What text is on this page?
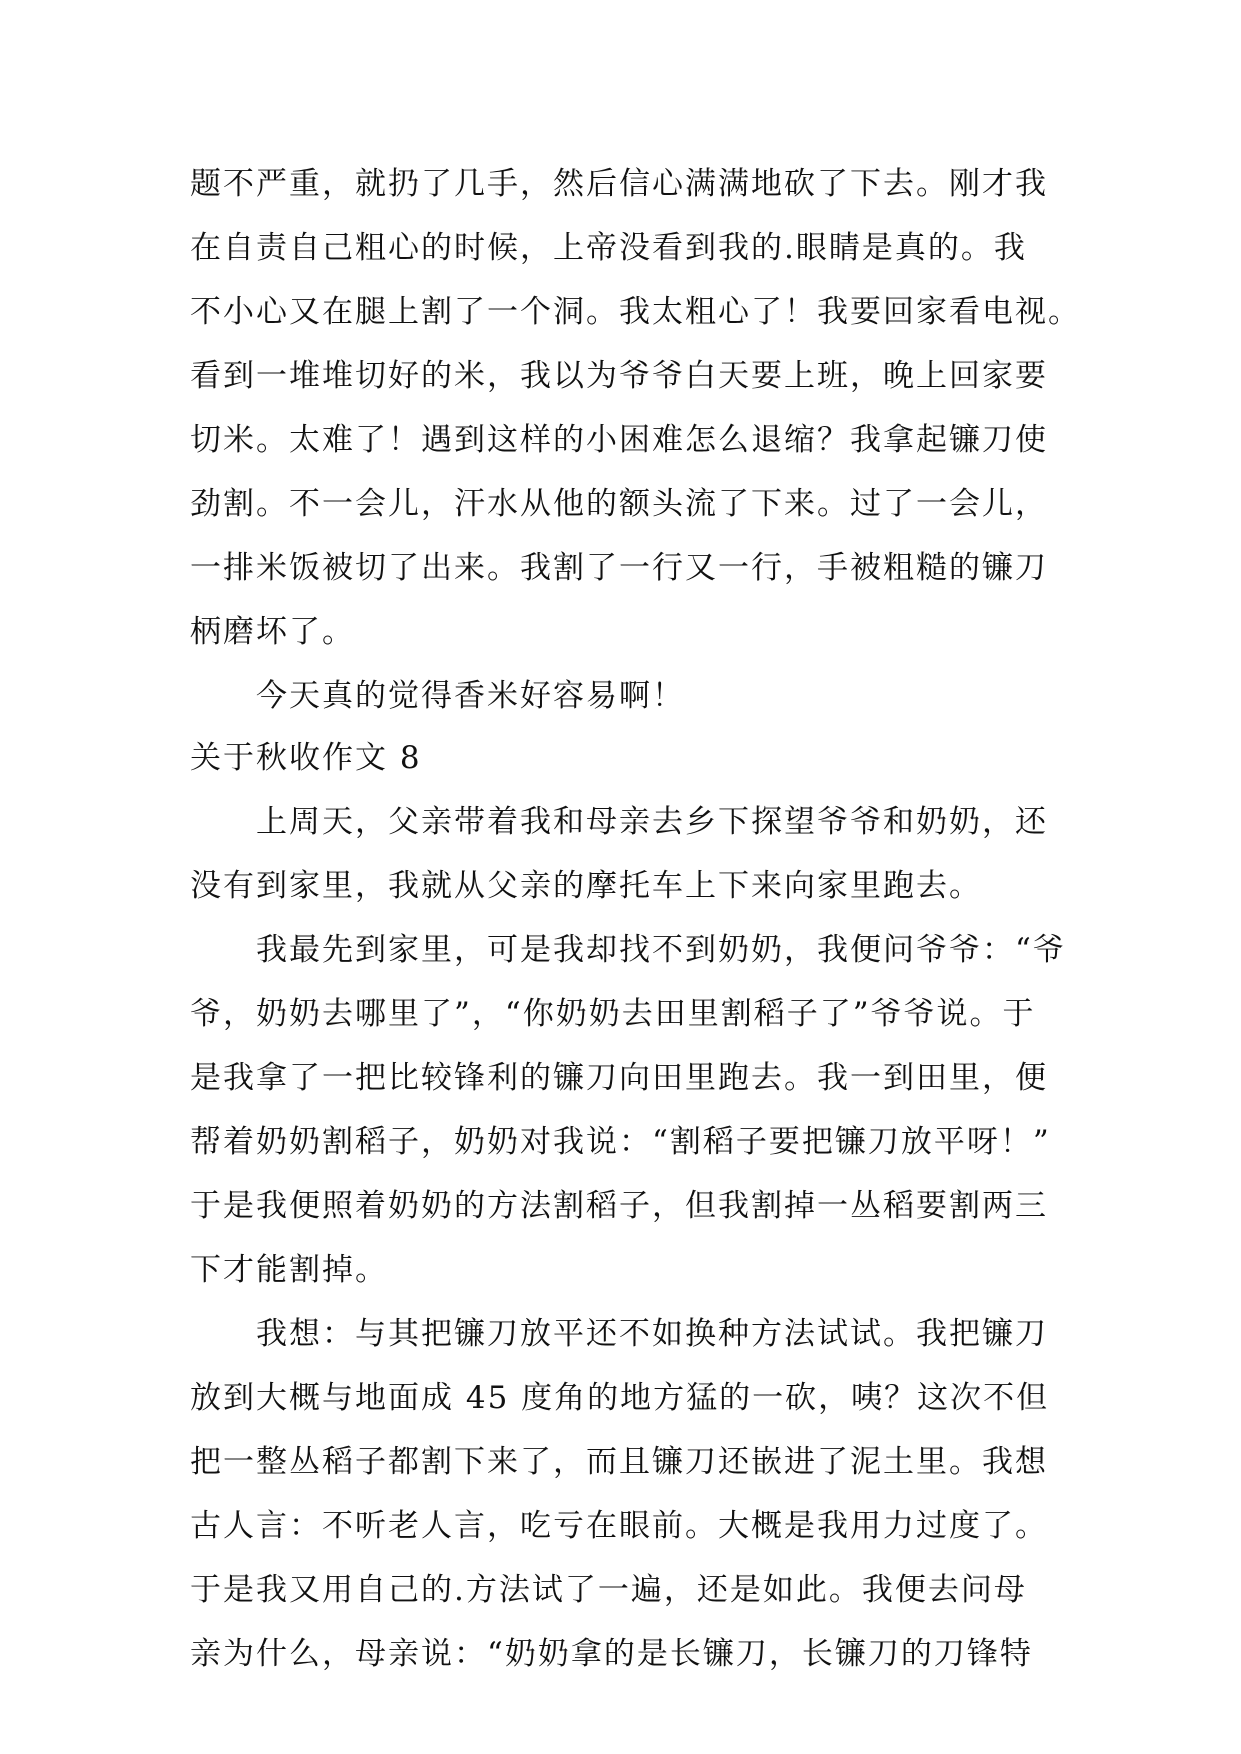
题不严重，就扔了几手，然后信心满满地砍了下去。刚才我
在自责自己粗心的时候，上帝没看到我的.眼睛是真的。我
不小心又在腿上割了一个洞。我太粗心了！我要回家看电视。
看到一堆堆切好的米，我以为爷爷白天要上班，晚上回家要
切米。太难了！遇到这样的小困难怎么退缩？我拿起镰刀使
劲割。不一会儿，汗水从他的额头流了下来。过了一会儿，
一排米饭被切了出来。我割了一行又一行，手被粗糙的镰刀
柄磨坏了。
今天真的觉得香米好容易啊！
关于秋收作文 8
上周天，父亲带着我和母亲去乡下探望爷爷和奶奶，还
没有到家里，我就从父亲的摩托车上下来向家里跑去。
我最先到家里，可是我却找不到奶奶，我便问爷爷：“爷
爷，奶奶去哪里了”，“你奶奶去田里割稻子了”爷爷说。于
是我拿了一把比较锋利的镰刀向田里跑去。我一到田里，便
帮着奶奶割稻子，奶奶对我说：“割稻子要把镰刀放平呀！”
于是我便照着奶奶的方法割稻子，但我割掉一丛稻要割两三
下才能割掉。
我想：与其把镰刀放平还不如换种方法试试。我把镰刀
放到大概与地面成 45 度角的地方猛的一砍，咦？这次不但
把一整丛稻子都割下来了，而且镰刀还嵌进了泥土里。我想
古人言：不听老人言，吃亏在眼前。大概是我用力过度了。
于是我又用自己的.方法试了一遍，还是如此。我便去问母
亲为什么，母亲说：“奶奶拿的是长镰刀，长镰刀的刀锋特
